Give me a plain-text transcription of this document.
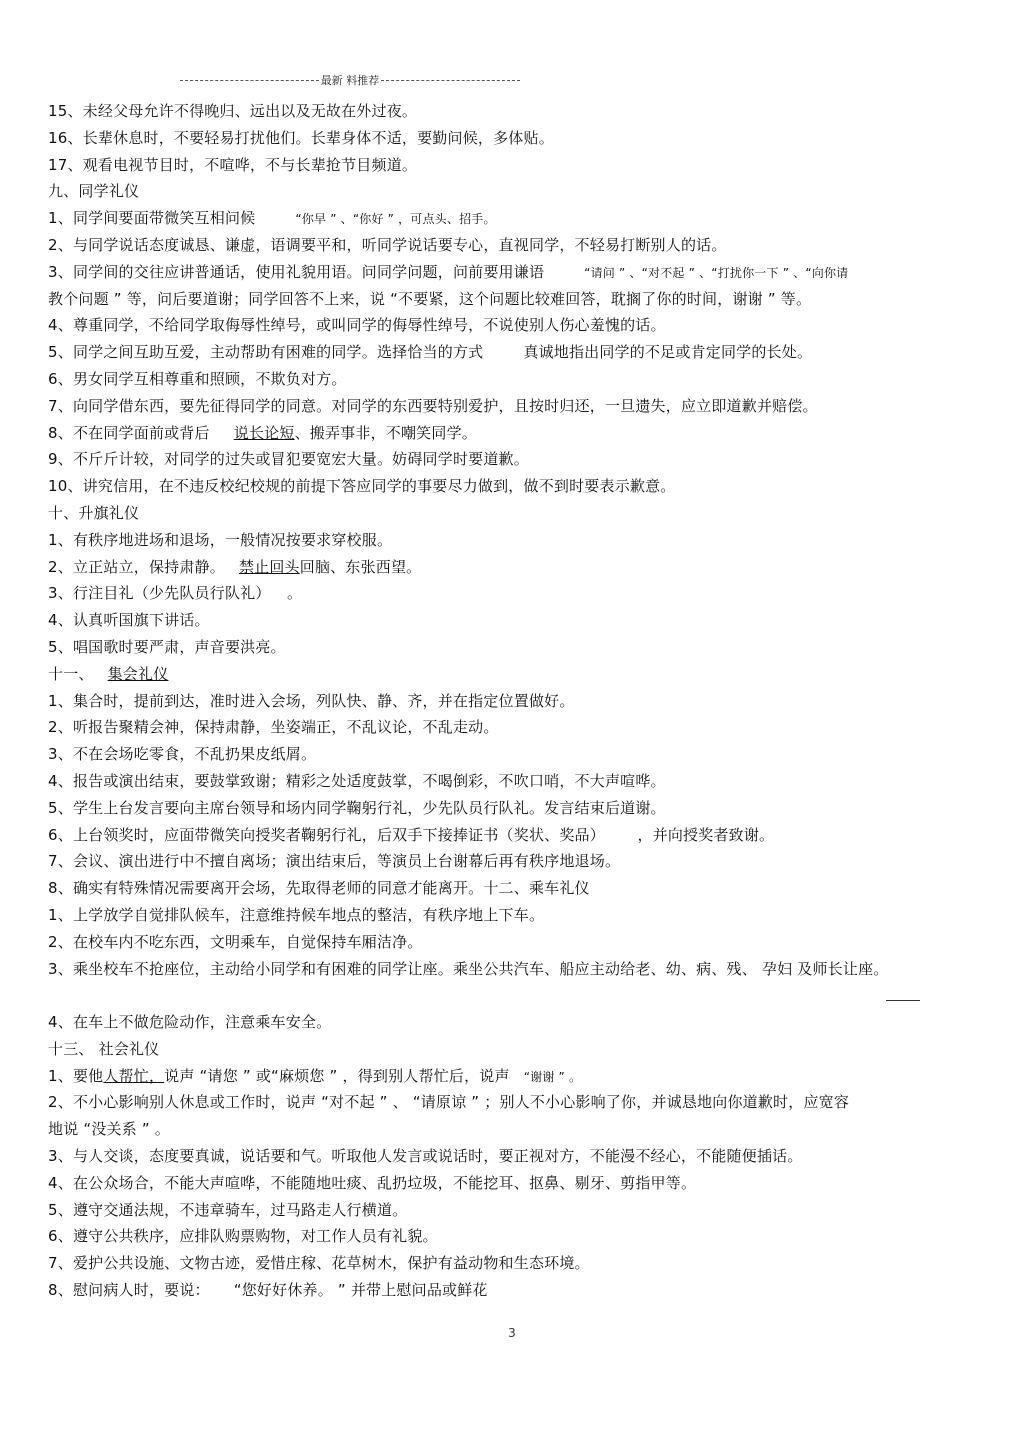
最新 料推荐
15、未经父母允许不得晚归、远出以及无故在外过夜。
16、长辈休息时，不要轻易打扰他们。长辈身体不适，要勤问候，多体贴。
17、观看电视节目时，不喧哗，不与长辈抢节目频道。
九、同学礼仪
1、同学间要面带微笑互相问候	“你早 ” 、“你好 ” ，可点头、招手。
2、与同学说话态度诚恳、谦虚，语调要平和，听同学说话要专心，直视同学，不轻易打断别人的话。
3、同学间的交往应讲普通话，使用礼貌用语。问同学问题，问前要用谦语	“请问 ” 、“对不起 ” 、“打扰你一下 ” 、“向你请
教个问题 ” 等，问后要道谢；同学回答不上来，说 “不要紧，这个问题比较难回答，耽搁了你的时间，谢谢 ” 等。
4、尊重同学，不给同学取侮辱性绰号，或叫同学的侮辱性绰号，不说使别人伤心羞愧的话。
5、同学之间互助互爱，主动帮助有困难的同学。选择恰当的方式	真诚地指出同学的不足或肯定同学的长处。
6、男女同学互相尊重和照顾，不欺负对方。
7、向同学借东西，要先征得同学的同意。对同学的东西要特别爱护，且按时归还，一旦遗失，应立即道歉并赔偿。
8、不在同学面前或背后 说长论短、搬弄事非，不嘲笑同学。
9、不斤斤计较，对同学的过失或冒犯要宽宏大量。妨碍同学时要道歉。
10、讲究信用，在不违反校纪校规的前提下答应同学的事要尽力做到，做不到时要表示歉意。
十、升旗礼仪
1、有秩序地进场和退场，一般情况按要求穿校服。
2、立正站立，保持肃静。 禁止回头回脑、东张西望。
3、行注目礼（少先队员行队礼） 。
4、认真听国旗下讲话。
5、唱国歌时要严肃，声音要洪亮。
十一、 集会礼仪
1、集合时，提前到达，准时进入会场，列队快、静、齐，并在指定位置做好。
2、听报告聚精会神，保持肃静，坐姿端正，不乱议论，不乱走动。
3、不在会场吃零食，不乱扔果皮纸屑。
4、报告或演出结束，要鼓掌致谢；精彩之处适度鼓掌，不喝倒彩，不吹口哨，不大声喧哗。
5、学生上台发言要向主席台领导和场内同学鞠躬行礼，少先队员行队礼。发言结束后道谢。
6、上台领奖时，应面带微笑向授奖者鞠躬行礼，后双手下接捧证书（奖状、奖品）	，并向授奖者致谢。
7、会议、演出进行中不擅自离场；演出结束后，等演员上台谢幕后再有秩序地退场。
8、确实有特殊情况需要离开会场，先取得老师的同意才能离开。十二、乘车礼仪
1、上学放学自觉排队候车，注意维持候车地点的整洁，有秩序地上下车。
2、在校车内不吃东西，文明乘车，自觉保持车厢洁净。
3、乘坐校车不抢座位，主动给小同学和有困难的同学让座。乘坐公共汽车、船应主动给老、幼、病、残、 孕妇 及师长让座。
4、在车上不做危险动作，注意乘车安全。
十三、 社会礼仪
1、要他人帮忙，说声 “请您 ” 或“麻烦您 ” ，得到别人帮忙后，说声 “谢谢 ” 。
2、不小心影响别人休息或工作时，说声 “对不起 ” 、 “请原谅 ” ；别人不小心影响了你，并诚恳地向你道歉时，应宽容
地说 “没关系 ” 。
3、与人交谈，态度要真诚，说话要和气。听取他人发言或说话时，要正视对方，不能漫不经心，不能随便插话。
4、在公众场合，不能大声喧哗，不能随地吐痰、乱扔垃圾，不能挖耳、抠鼻、剔牙、剪指甲等。
5、遵守交通法规，不违章骑车，过马路走人行横道。
6、遵守公共秩序，应排队购票购物，对工作人员有礼貌。
7、爱护公共设施、文物古迹，爱惜庄稼、花草树木，保护有益动物和生态环境。
8、慰问病人时，要说： “您好好休养。 ” 并带上慰问品或鲜花
3
